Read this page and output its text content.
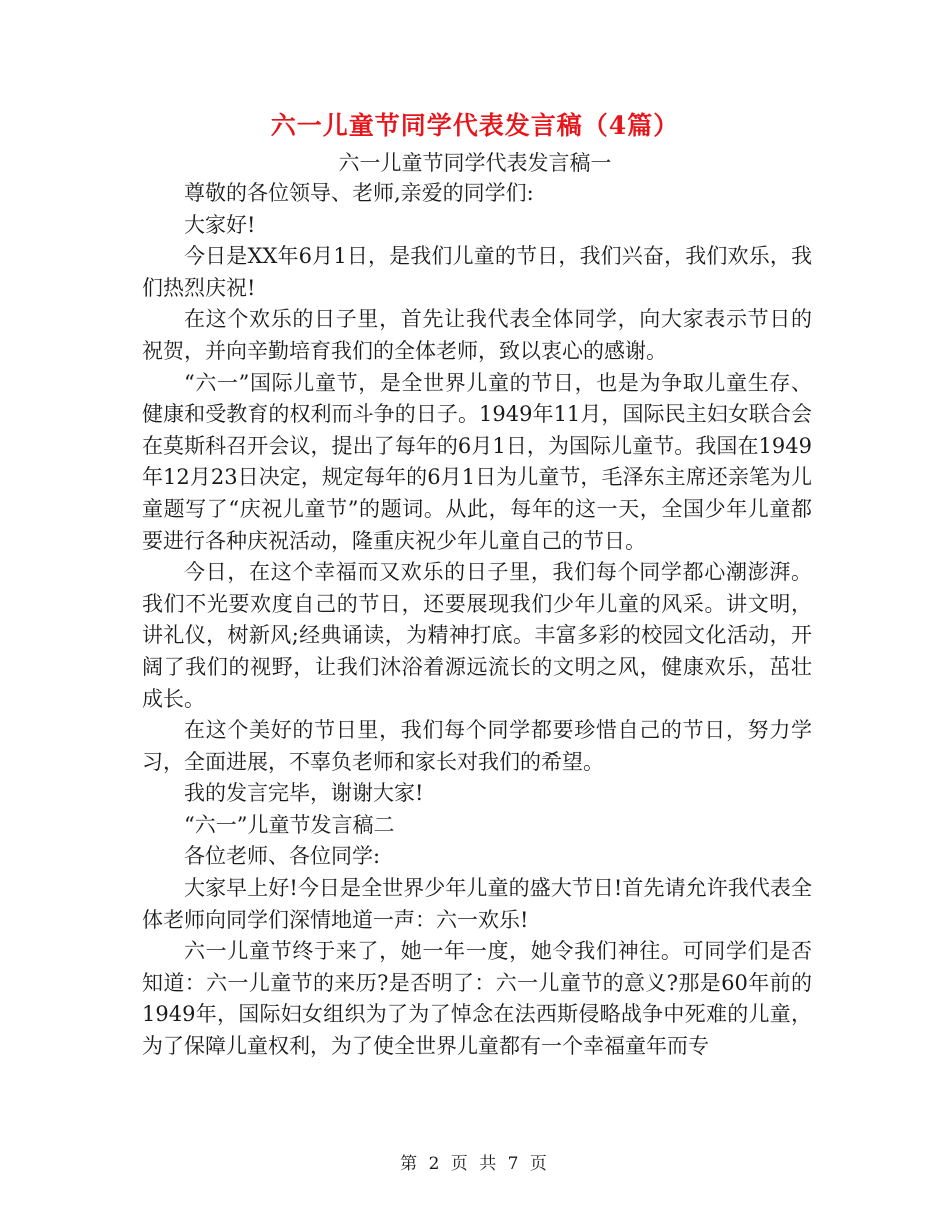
六一儿童节同学代表发言稿（4篇）
六一儿童节同学代表发言稿一

尊敬的各位领导、老师,亲爱的同学们:

大家好!

今日是XX年6月1日，是我们儿童的节日，我们兴奋，我们欢乐，我们热烈庆祝!

在这个欢乐的日子里，首先让我代表全体同学，向大家表示节日的祝贺，并向辛勤培育我们的全体老师，致以衷心的感谢。

“六一”国际儿童节，是全世界儿童的节日，也是为争取儿童生存、健康和受教育的权利而斗争的日子。1949年11月，国际民主妇女联合会在莫斯科召开会议，提出了每年的6月1日，为国际儿童节。我国在1949年12月23日决定，规定每年的6月1日为儿童节，毛泽东主席还亲笔为儿童题写了“庆祝儿童节”的题词。从此，每年的这一天，全国少年儿童都要进行各种庆祝活动，隆重庆祝少年儿童自己的节日。

今日，在这个幸福而又欢乐的日子里，我们每个同学都心潮澎湃。我们不光要欢度自己的节日，还要展现我们少年儿童的风采。讲文明，讲礼仪，树新风;经典诵读，为精神打底。丰富多彩的校园文化活动，开阔了我们的视野，让我们沐浴着源远流长的文明之风，健康欢乐，茁壮成长。

在这个美好的节日里，我们每个同学都要珍惜自己的节日，努力学习，全面进展，不辜负老师和家长对我们的希望。

我的发言完毕，谢谢大家!

“六一”儿童节发言稿二

各位老师、各位同学:

大家早上好!今日是全世界少年儿童的盛大节日!首先请允许我代表全体老师向同学们深情地道一声：六一欢乐!

六一儿童节终于来了，她一年一度，她令我们神往。可同学们是否知道：六一儿童节的来历?是否明了：六一儿童节的意义?那是60年前的1949年，国际妇女组织为了为了悼念在法西斯侵略战争中死难的儿童，为了保障儿童权利，为了使全世界儿童都有一个幸福童年而专

第 2 页 共 7 页
